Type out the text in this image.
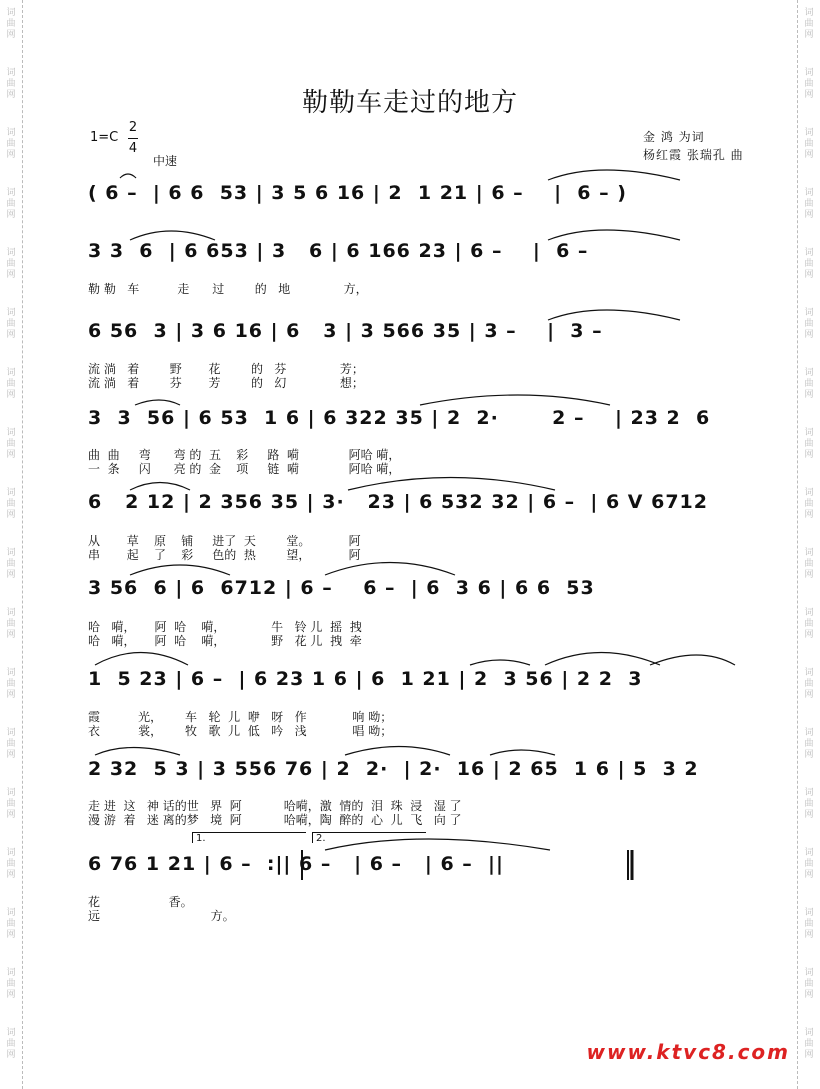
词
曲
网
词
曲
网
词
曲
网
词
曲
网
词
曲
网
词
曲
网
词
曲
网
词
曲
网
词
曲
网
词
曲
网
词
曲
网
词
曲
网
词
曲
网
词
曲
网
词
曲
网
词
曲
网
词
曲
网
词
曲
网
词
曲
网
词
曲
网
词
曲
网
词
曲
网
词
曲
网
词
曲
网
词
曲
网
词
曲
网
词
曲
网
词
曲
网
词
曲
网
词
曲
网
词
曲
网
词
曲
网
词
曲
网
词
曲
网
词
曲
网
词
曲
网
勒勒车走过的地方
$1=C \frac{2}{4}$
中速
金 鸿 为词
杨红霞 张瑞孔 曲
( 6 –  | 6 6  53 | 3 5 6 16 | 2  1 21 | 6 –    |  6 – )
3 3  6  | 6 653 | 3   6 | 6 166 23 | 6 –    |  6 –
勒 勒   车          走      过        的   地              方，
6 56  3 | 3 6 16 | 6   3 | 3 566 35 | 3 –    |  3 –
流 淌   着        野       花        的   芬              芳；
流 淌   着        芬       芳        的   幻              想；
3  3  56 | 6 53  1 6 | 6 322 35 | 2  2·       2 –    | 23 2  6
曲  曲     弯      弯 的  五    彩     路  嗬             阿哈 嗬，
一  条     闪      亮 的  金    项     链  嗬             阿哈 嗬，
6   2 12 | 2 356 35 | 3·   23 | 6 532 32 | 6 –  | 6 V 6712
从       草    原    铺     进了  天        堂。          阿
串       起    了    彩     色的  热        望，          阿
3 56  6 | 6  6712 | 6 –    6 –  | 6  3 6 | 6 6  53
哈   嗬，     阿  哈    嗬，            牛   铃 儿  摇  拽
哈   嗬，     阿  哈    嗬，            野   花 儿  拽  牵
1  5 23 | 6 –  | 6 23 1 6 | 6  1 21 | 2  3 56 | 2 2  3
霞          光，      车   轮  儿  咿   呀   作            响 呦；
衣          裳，      牧   歌  儿  低   吟   浅            唱 呦；
2 32  5 3 | 3 556 76 | 2  2·  | 2·  16 | 2 65  1 6 | 5  3 2
走 进  这   神 话的世   界  阿           哈嗬，激  情的  泪  珠  浸   湿 了
漫 游  着   迷 离的梦   境  阿           哈嗬，陶  醉的  心  儿  飞   向 了
6 76 1 21 | 6 –  :|| 6 –   | 6 –   | 6 –  ||
花                  香。
远                             方。
1.	2.
www.ktvc8.com
